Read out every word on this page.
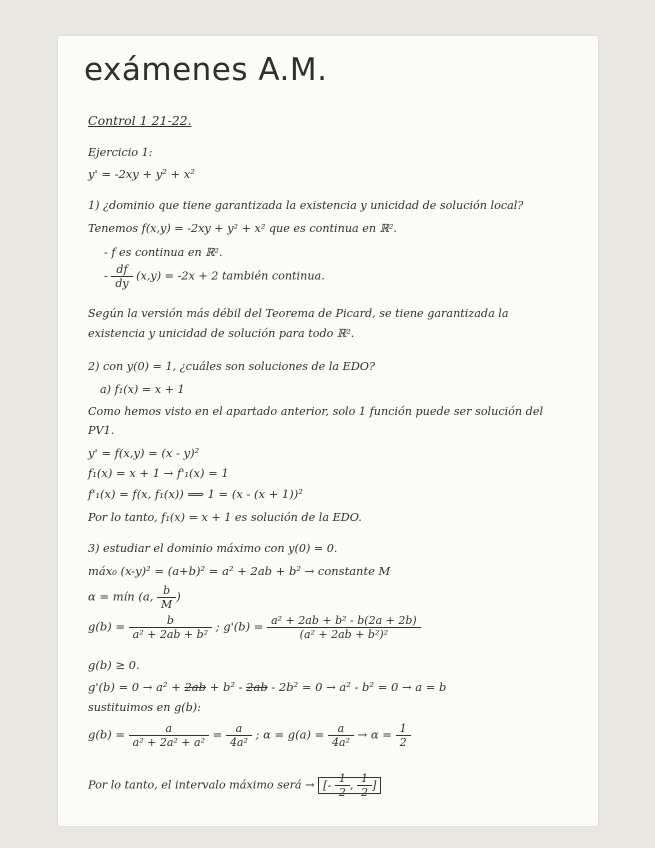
exámenes A.M.
Control 1 21-22.
Ejercicio 1:
y' = -2xy + y² + x²
1) ¿dominio que tiene garantizada la existencia y unicidad de solución local?
Tenemos f(x,y) = -2xy + y² + x² que es continua en ℝ².
- f es continua en ℝ².
- $\frac{df}{dy} (x,y) = -2x + 2$ también continua.
Según la versión más débil del Teorema de Picard, se tiene garantizada la
existencia y unicidad de solución para todo ℝ².
2) con y(0) = 1, ¿cuáles son soluciones de la EDO?
a) f₁(x) = x + 1
Como hemos visto en el apartado anterior, solo 1 función puede ser solución del
PV1.
y' = f(x,y) = (x - y)²
f₁(x) = x + 1 → f'₁(x) = 1
f'₁(x) = f(x, f₁(x)) ⟹ 1 = (x - (x + 1))²
Por lo tanto, f₁(x) = x + 1 es solución de la EDO.
3) estudiar el dominio máximo con y(0) = 0.
máx₀ (x-y)² = (a+b)² = a² + 2ab + b² → constante M
α = mín (a, $\frac{b}{M}$ )
$g(b) = \frac{b}{\text{a² + 2ab + b²}}$ ; $g'(b) = \frac{\text{a² + 2ab + b² - b(2a + 2b)}}{\text{(a² + 2ab + b²)²}}$
g(b) ≥ 0.
g'(b) = 0 → a² + 2ab + b² - 2ab - 2b² = 0 → a² - b² = 0 → a = b
sustituimos en g(b):
$g(b) = \frac{a}{\text{a² + 2a² + a²}} = \frac{a}{\text{4a²}}$ ; $\alpha = g(a) = \frac{a}{\text{4a²}} \to \alpha = \frac{1}{2}$
Por lo tanto, el intervalo máximo será → [- $\frac{1}{2}$ , $\frac{1}{2}$ ]
